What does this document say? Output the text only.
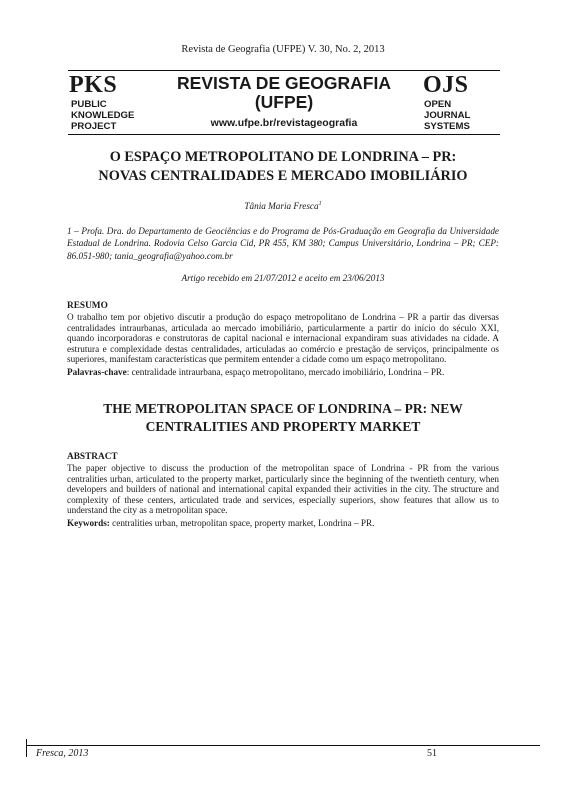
Revista de Geografia (UFPE) V. 30, No. 2, 2013
PKS
PUBLIC
KNOWLEDGE
PROJECT
REVISTA DE GEOGRAFIA
(UFPE)
www.ufpe.br/revistageografia
OJS
OPEN
JOURNAL
SYSTEMS
O ESPAÇO METROPOLITANO DE LONDRINA – PR:
NOVAS CENTRALIDADES E MERCADO IMOBILIÁRIO
Tânia Maria Fresca$^1$
1 – Profa. Dra. do Departamento de Geociências e do Programa de Pós-Graduação em Geografia da Universidade Estadual de Londrina. Rodovia Celso Garcia Cid, PR 455, KM 380; Campus Universitário, Londrina – PR; CEP: 86.051-980; tania_geografia@yahoo.com.br
Artigo recebido em 21/07/2012 e aceito em 23/06/2013
RESUMO
O trabalho tem por objetivo discutir a produção do espaço metropolitano de Londrina – PR a partir das diversas centralidades intraurbanas, articulada ao mercado imobiliário, particularmente a partir do início do século XXI, quando incorporadoras e construtoras de capital nacional e internacional expandiram suas atividades na cidade. A estrutura e complexidade destas centralidades, articuladas ao comércio e prestação de serviços, principalmente os superiores, manifestam características que permitem entender a cidade como um espaço metropolitano.
Palavras-chave: centralidade intraurbana, espaço metropolitano, mercado imobiliário, Londrina – PR.
THE METROPOLITAN SPACE OF LONDRINA – PR: NEW
CENTRALITIES AND PROPERTY MARKET
ABSTRACT
The paper objective to discuss the production of the metropolitan space of Londrina - PR from the various centralities urban, articulated to the property market, particularly since the beginning of the twentieth century, when developers and builders of national and international capital expanded their activities in the city. The structure and complexity of these centers, articulated trade and services, especially superiors, show features that allow us to understand the city as a metropolitan space.
Keywords: centralities urban, metropolitan space, property market, Londrina – PR.
Fresca, 2013	51
